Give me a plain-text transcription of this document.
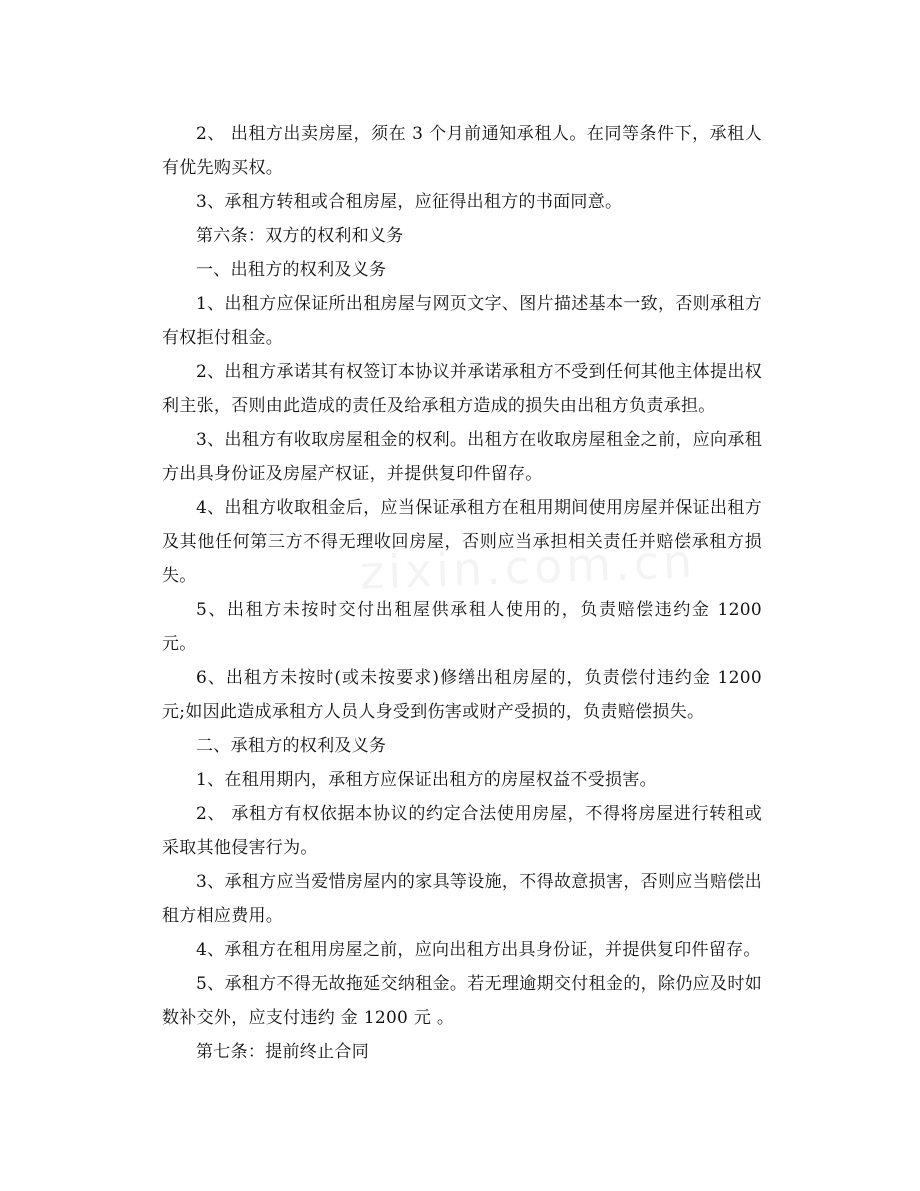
2、 出租方出卖房屋，须在 3 个月前通知承租人。在同等条件下，承租人有优先购买权。

3、承租方转租或合租房屋，应征得出租方的书面同意。

第六条：双方的权利和义务

一、出租方的权利及义务

1、出租方应保证所出租房屋与网页文字、图片描述基本一致，否则承租方有权拒付租金。

2、出租方承诺其有权签订本协议并承诺承租方不受到任何其他主体提出权利主张，否则由此造成的责任及给承租方造成的损失由出租方负责承担。

3、出租方有收取房屋租金的权利。出租方在收取房屋租金之前，应向承租方出具身份证及房屋产权证，并提供复印件留存。

4、出租方收取租金后，应当保证承租方在租用期间使用房屋并保证出租方及其他任何第三方不得无理收回房屋，否则应当承担相关责任并赔偿承租方损失。

5、出租方未按时交付出租屋供承租人使用的，负责赔偿违约金 1200 元。

6、出租方未按时(或未按要求)修缮出租房屋的，负责偿付违约金 1200 元;如因此造成承租方人员人身受到伤害或财产受损的，负责赔偿损失。

二、承租方的权利及义务

1、在租用期内，承租方应保证出租方的房屋权益不受损害。

2、 承租方有权依据本协议的约定合法使用房屋，不得将房屋进行转租或采取其他侵害行为。

3、承租方应当爱惜房屋内的家具等设施，不得故意损害，否则应当赔偿出租方相应费用。

4、承租方在租用房屋之前，应向出租方出具身份证，并提供复印件留存。

5、承租方不得无故拖延交纳租金。若无理逾期交付租金的，除仍应及时如数补交外，应支付违约 金 1200 元 。

第七条：提前终止合同
